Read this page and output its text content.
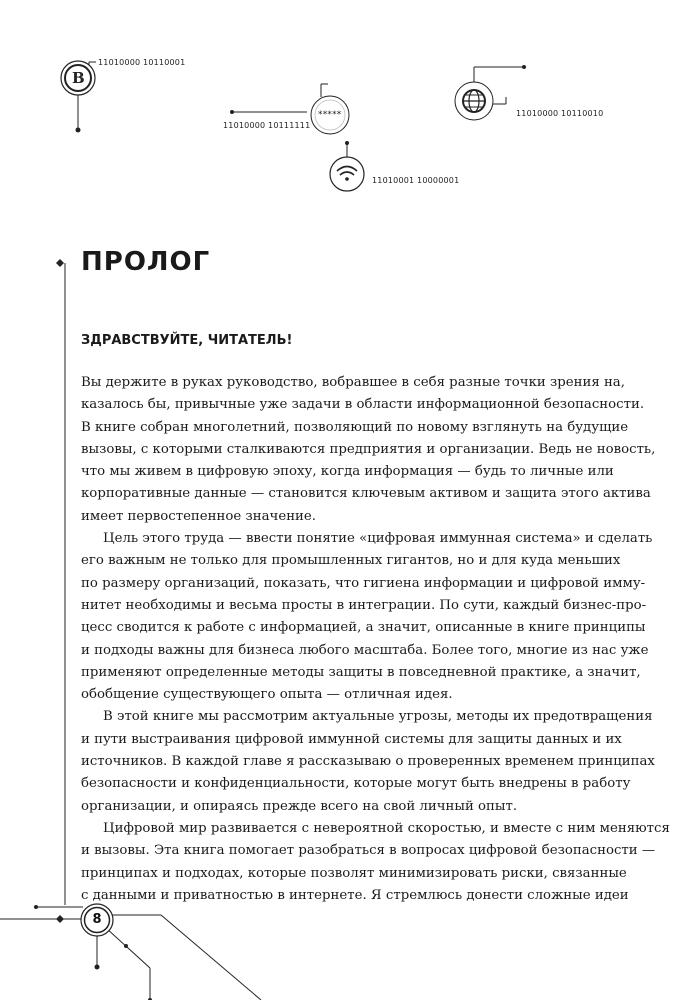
11010000 10110001
11010000 10111111
*****
11010001 10000001
11010000 10110010
B
ПРОЛОГ
ЗДРАВСТВУЙТЕ, ЧИТАТЕЛЬ!
Вы держите в руках руководство, вобравшее в себя разные точки зрения на,
казалось бы, привычные уже задачи в области информационной безопасности.
В книге собран многолетний, позволяющий по новому взглянуть на будущие
вызовы, с которыми сталкиваются предприятия и организации. Ведь не новость,
что мы живем в цифровую эпоху, когда информация — будь то личные или
корпоративные данные — становится ключевым активом и защита этого актива
имеет первостепенное значение.
Цель этого труда — ввести понятие «цифровая иммунная система» и сделать
его важным не только для промышленных гигантов, но и для куда меньших
по размеру организаций, показать, что гигиена информации и цифровой имму-
нитет необходимы и весьма просты в интеграции. По сути, каждый бизнес-про-
цесс сводится к работе с информацией, а значит, описанные в книге принципы
и подходы важны для бизнеса любого масштаба. Более того, многие из нас уже
применяют определенные методы защиты в повседневной практике, а значит,
обобщение существующего опыта — отличная идея.
В этой книге мы рассмотрим актуальные угрозы, методы их предотвращения
и пути выстраивания цифровой иммунной системы для защиты данных и их
источников. В каждой главе я рассказываю о проверенных временем принципах
безопасности и конфиденциальности, которые могут быть внедрены в работу
организации, и опираясь прежде всего на свой личный опыт.
Цифровой мир развивается с невероятной скоростью, и вместе с ним меняются
и вызовы. Эта книга помогает разобраться в вопросах цифровой безопасности —
принципах и подходах, которые позволят минимизировать риски, связанные
с данными и приватностью в интернете. Я стремлюсь донести сложные идеи
8
